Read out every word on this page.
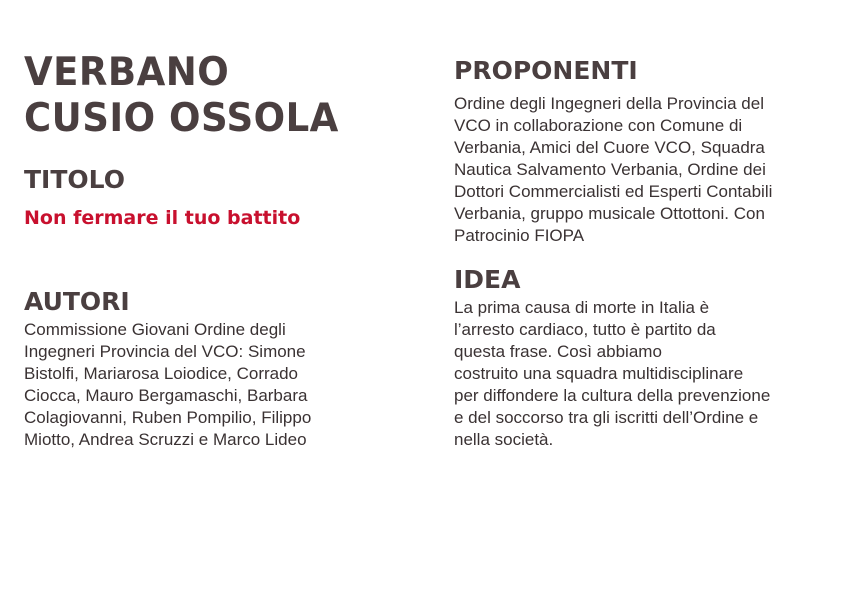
VERBANO
CUSIO OSSOLA
TITOLO

Non fermare il tuo battito

AUTORI

Commissione Giovani Ordine degli
Ingegneri Provincia del VCO: Simone
Bistolfi, Mariarosa Loiodice, Corrado
Ciocca, Mauro Bergamaschi, Barbara
Colagiovanni, Ruben Pompilio, Filippo
Miotto, Andrea Scruzzi e Marco Lideo

PROPONENTI

Ordine degli Ingegneri della Provincia del
VCO in collaborazione con Comune di
Verbania, Amici del Cuore VCO, Squadra
Nautica Salvamento Verbania, Ordine dei
Dottori Commercialisti ed Esperti Contabili
Verbania, gruppo musicale Ottottoni. Con
Patrocinio FIOPA

IDEA

La prima causa di morte in Italia è
l’arresto cardiaco, tutto è partito da
questa frase. Così abbiamo
costruito una squadra multidisciplinare
per diffondere la cultura della prevenzione
e del soccorso tra gli iscritti dell’Ordine e
nella società.
